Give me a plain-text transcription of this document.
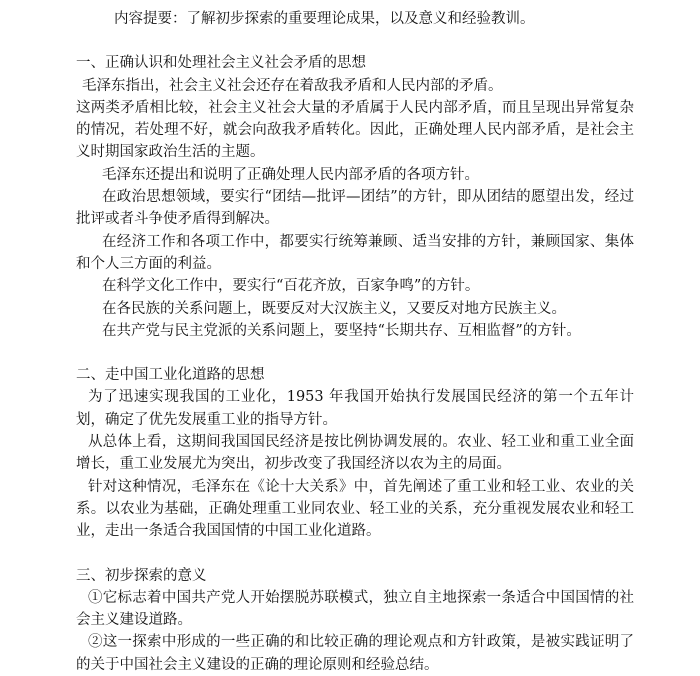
内容提要：了解初步探索的重要理论成果，以及意义和经验教训。

一、正确认识和处理社会主义社会矛盾的思想

毛泽东指出，社会主义社会还存在着敌我矛盾和人民内部的矛盾。

这两类矛盾相比较，社会主义社会大量的矛盾属于人民内部矛盾，而且呈现出异常复杂的情况，若处理不好，就会向敌我矛盾转化。因此，正确处理人民内部矛盾，是社会主义时期国家政治生活的主题。

毛泽东还提出和说明了正确处理人民内部矛盾的各项方针。

在政治思想领域，要实行“团结—批评—团结”的方针，即从团结的愿望出发，经过批评或者斗争使矛盾得到解决。

在经济工作和各项工作中，都要实行统筹兼顾、适当安排的方针，兼顾国家、集体和个人三方面的利益。

在科学文化工作中，要实行“百花齐放，百家争鸣”的方针。

在各民族的关系问题上，既要反对大汉族主义，又要反对地方民族主义。

在共产党与民主党派的关系问题上，要坚持“长期共存、互相监督”的方针。

二、走中国工业化道路的思想

为了迅速实现我国的工业化，1953 年我国开始执行发展国民经济的第一个五年计划，确定了优先发展重工业的指导方针。

从总体上看，这期间我国国民经济是按比例协调发展的。农业、轻工业和重工业全面增长，重工业发展尤为突出，初步改变了我国经济以农为主的局面。

针对这种情况，毛泽东在《论十大关系》中，首先阐述了重工业和轻工业、农业的关系。以农业为基础，正确处理重工业同农业、轻工业的关系，充分重视发展农业和轻工业，走出一条适合我国国情的中国工业化道路。

三、初步探索的意义

①它标志着中国共产党人开始摆脱苏联模式，独立自主地探索一条适合中国国情的社会主义建设道路。

②这一探索中形成的一些正确的和比较正确的理论观点和方针政策，是被实践证明了的关于中国社会主义建设的正确的理论原则和经验总结。
